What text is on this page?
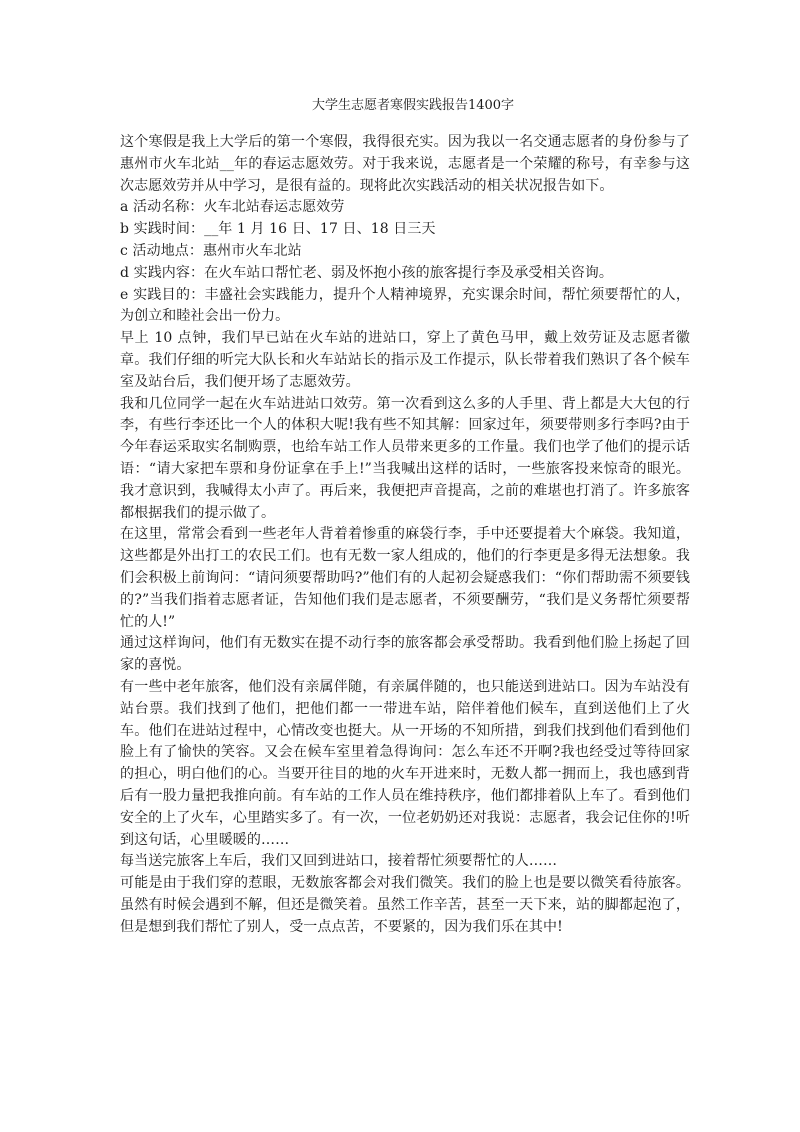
大学生志愿者寒假实践报告1400字

这个寒假是我上大学后的第一个寒假，我得很充实。因为我以一名交通志愿者的身份参与了惠州市火车北站__年的春运志愿效劳。对于我来说，志愿者是一个荣耀的称号，有幸参与这次志愿效劳并从中学习，是很有益的。现将此次实践活动的相关状况报告如下。

a 活动名称：火车北站春运志愿效劳

b 实践时间：__年 1 月 16 日、17 日、18 日三天

c 活动地点：惠州市火车北站

d 实践内容：在火车站口帮忙老、弱及怀抱小孩的旅客提行李及承受相关咨询。

e 实践目的：丰盛社会实践能力，提升个人精神境界，充实课余时间，帮忙须要帮忙的人，为创立和睦社会出一份力。

早上 10 点钟，我们早已站在火车站的进站口，穿上了黄色马甲，戴上效劳证及志愿者徽章。我们仔细的听完大队长和火车站站长的指示及工作提示，队长带着我们熟识了各个候车室及站台后，我们便开场了志愿效劳。

我和几位同学一起在火车站进站口效劳。第一次看到这么多的人手里、背上都是大大包的行李，有些行李还比一个人的体积大呢!我有些不知其解：回家过年，须要带则多行李吗?由于今年春运采取实名制购票，也给车站工作人员带来更多的工作量。我们也学了他们的提示话语：“请大家把车票和身份证拿在手上!”当我喊出这样的话时，一些旅客投来惊奇的眼光。我才意识到，我喊得太小声了。再后来，我便把声音提高，之前的难堪也打消了。许多旅客都根据我们的提示做了。

在这里，常常会看到一些老年人背着着惨重的麻袋行李，手中还要提着大个麻袋。我知道，这些都是外出打工的农民工们。也有无数一家人组成的，他们的行李更是多得无法想象。我们会积极上前询问：“请问须要帮助吗?”他们有的人起初会疑惑我们：“你们帮助需不须要钱的?”当我们指着志愿者证，告知他们我们是志愿者，不须要酬劳，“我们是义务帮忙须要帮忙的人!”

通过这样询问，他们有无数实在提不动行李的旅客都会承受帮助。我看到他们脸上扬起了回家的喜悦。

有一些中老年旅客，他们没有亲属伴随，有亲属伴随的，也只能送到进站口。因为车站没有站台票。我们找到了他们，把他们都一一带进车站，陪伴着他们候车，直到送他们上了火车。他们在进站过程中，心情改变也挺大。从一开场的不知所措，到我们找到他们看到他们脸上有了愉快的笑容。又会在候车室里着急得询问：怎么车还不开啊?我也经受过等待回家的担心，明白他们的心。当要开往目的地的火车开进来时，无数人都一拥而上，我也感到背后有一股力量把我推向前。有车站的工作人员在维持秩序，他们都排着队上车了。看到他们安全的上了火车，心里踏实多了。有一次，一位老奶奶还对我说：志愿者，我会记住你的!听到这句话，心里暖暖的……

每当送完旅客上车后，我们又回到进站口，接着帮忙须要帮忙的人……

可能是由于我们穿的惹眼，无数旅客都会对我们微笑。我们的脸上也是要以微笑看待旅客。虽然有时候会遇到不解，但还是微笑着。虽然工作辛苦，甚至一天下来，站的脚都起泡了，但是想到我们帮忙了别人，受一点点苦，不要紧的，因为我们乐在其中!
